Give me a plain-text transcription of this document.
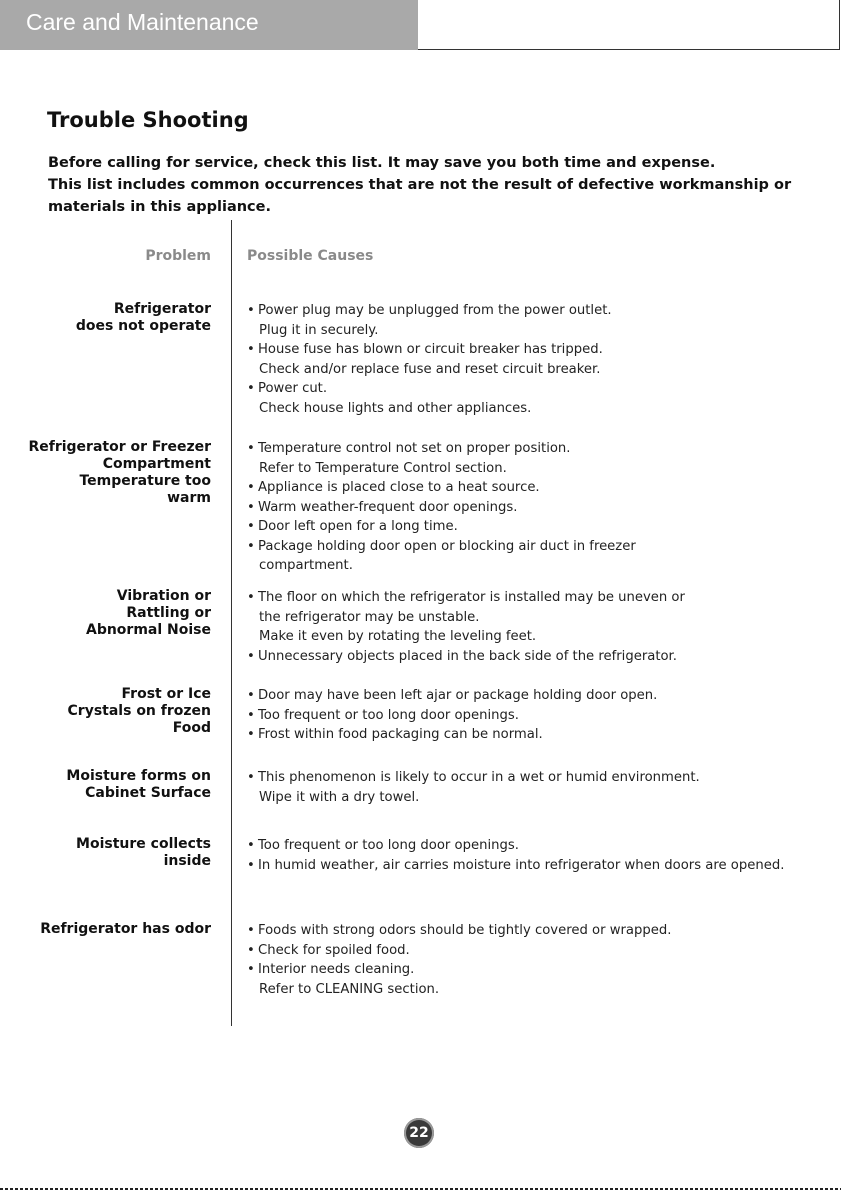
Care and Maintenance
Trouble Shooting

Before calling for service, check this list. It may save you both time and expense.

This list includes common occurrences that are not the result of defective workmanship or

materials in this appliance.

Problem	Possible Causes
Refrigerator
does not operate
• Power plug may be unplugged from the power outlet.
Plug it in securely.
• House fuse has blown or circuit breaker has tripped.
Check and/or replace fuse and reset circuit breaker.
• Power cut.
Check house lights and other appliances.
Refrigerator or Freezer
Compartment
Temperature too
warm
• Temperature control not set on proper position.
Refer to Temperature Control section.
• Appliance is placed close to a heat source.
• Warm weather-frequent door openings.
• Door left open for a long time.
• Package holding door open or blocking air duct in freezer
compartment.
Vibration or
Rattling or
Abnormal Noise
• The floor on which the refrigerator is installed may be uneven or
the refrigerator may be unstable.
Make it even by rotating the leveling feet.
• Unnecessary objects placed in the back side of the refrigerator.
Frost or Ice
Crystals on frozen
Food
• Door may have been left ajar or package holding door open.
• Too frequent or too long door openings.
• Frost within food packaging can be normal.
Moisture forms on
Cabinet Surface
• This phenomenon is likely to occur in a wet or humid environment.
Wipe it with a dry towel.
Moisture collects
inside
• Too frequent or too long door openings.
• In humid weather, air carries moisture into refrigerator when doors are opened.
Refrigerator has odor	• Foods with strong odors should be tightly covered or wrapped.
• Check for spoiled food.
• Interior needs cleaning.
Refer to CLEANING section.
22
